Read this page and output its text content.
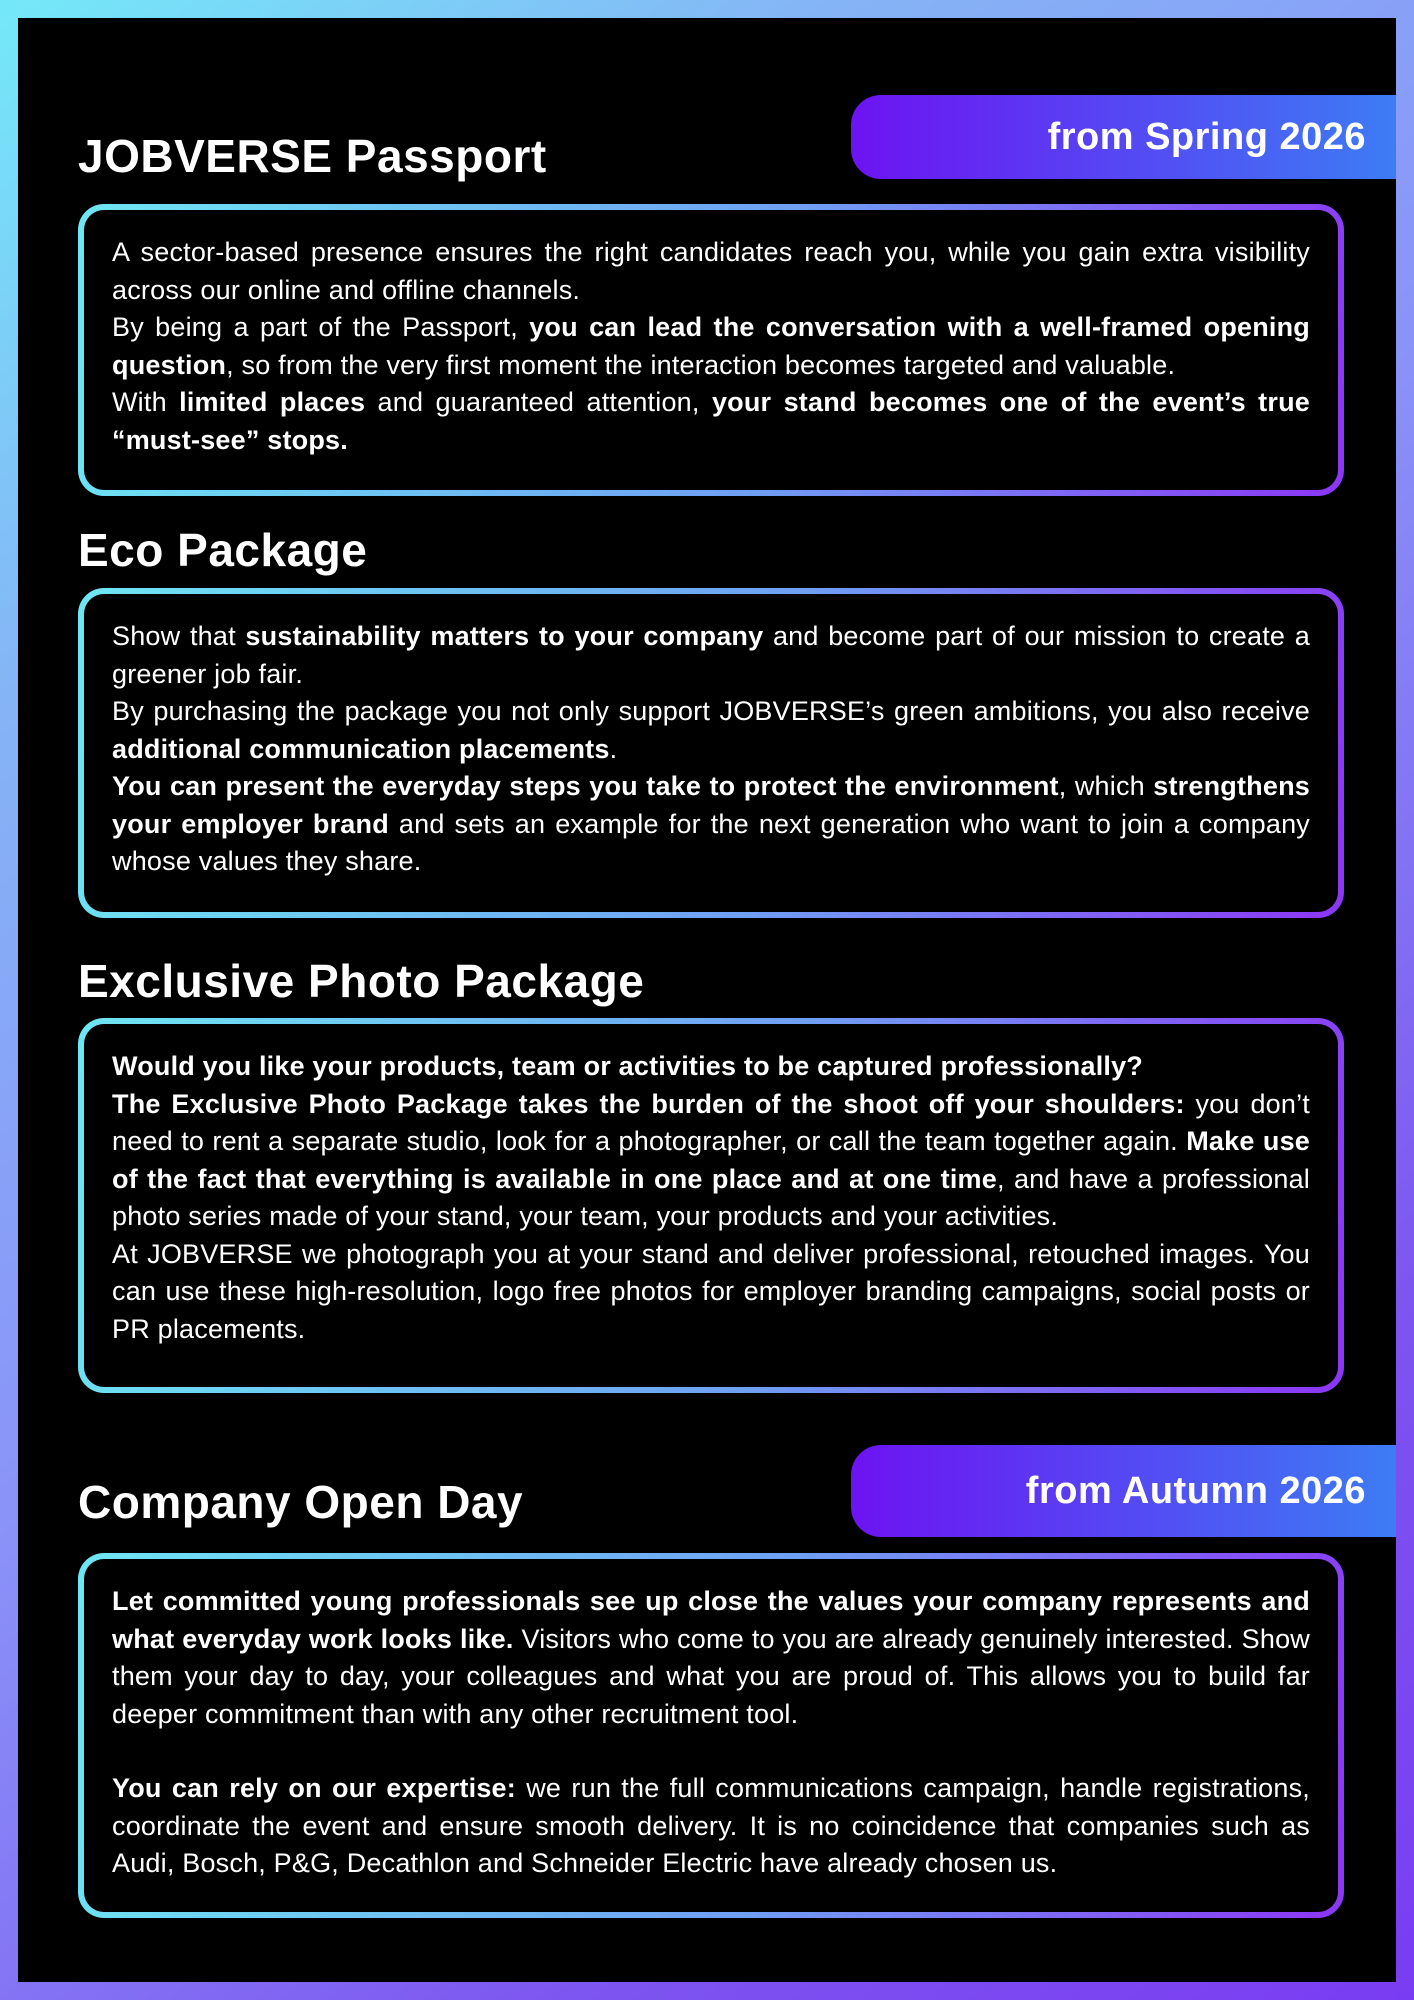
JOBVERSE Passport	from Spring 2026

A sector-based presence ensures the right candidates reach you, while you gain extra visibility across our online and offline channels.

By being a part of the Passport, you can lead the conversation with a well-framed opening question, so from the very first moment the interaction becomes targeted and valuable.

With limited places and guaranteed attention, your stand becomes one of the event’s true “must-see” stops.

Eco Package

Show that sustainability matters to your company and become part of our mission to create a greener job fair.

By purchasing the package you not only support JOBVERSE’s green ambitions, you also receive additional communication placements.

You can present the everyday steps you take to protect the environment, which strengthens your employer brand and sets an example for the next generation who want to join a company whose values they share.

Exclusive Photo Package

Would you like your products, team or activities to be captured professionally?

The Exclusive Photo Package takes the burden of the shoot off your shoulders: you don’t need to rent a separate studio, look for a photographer, or call the team together again. Make use of the fact that everything is available in one place and at one time, and have a professional photo series made of your stand, your team, your products and your activities.

At JOBVERSE we photograph you at your stand and deliver professional, retouched images. You can use these high-resolution, logo free photos for employer branding campaigns, social posts or PR placements.

Company Open Day	from Autumn 2026

Let committed young professionals see up close the values your company represents and what everyday work looks like. Visitors who come to you are already genuinely interested. Show them your day to day, your colleagues and what you are proud of. This allows you to build far deeper commitment than with any other recruitment tool.

You can rely on our expertise: we run the full communications campaign, handle registrations, coordinate the event and ensure smooth delivery. It is no coincidence that companies such as Audi, Bosch, P&G, Decathlon and Schneider Electric have already chosen us.
